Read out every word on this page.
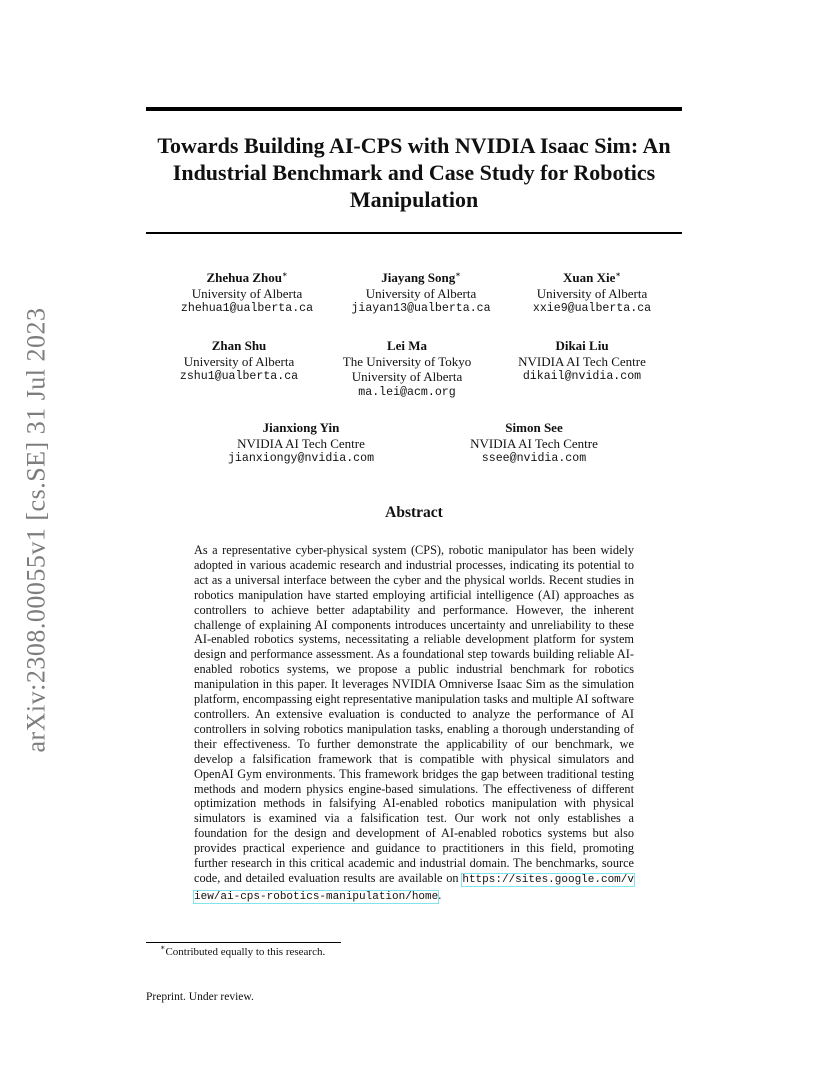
arXiv:2308.00055v1 [cs.SE] 31 Jul 2023
Towards Building AI-CPS with NVIDIA Isaac Sim: An Industrial Benchmark and Case Study for Robotics Manipulation
Zhehua Zhou∗
University of Alberta
zhehua1@ualberta.ca
Jiayang Song∗
University of Alberta
jiayan13@ualberta.ca
Xuan Xie∗
University of Alberta
xxie9@ualberta.ca
Zhan Shu
University of Alberta
zshu1@ualberta.ca
Lei Ma
The University of Tokyo
University of Alberta
ma.lei@acm.org
Dikai Liu
NVIDIA AI Tech Centre
dikail@nvidia.com
Jianxiong Yin
NVIDIA AI Tech Centre
jianxiongy@nvidia.com
Simon See
NVIDIA AI Tech Centre
ssee@nvidia.com
Abstract

As a representative cyber-physical system (CPS), robotic manipulator has been widely adopted in various academic research and industrial processes, indicating its potential to act as a universal interface between the cyber and the physical worlds. Recent studies in robotics manipulation have started employing artificial intelligence (AI) approaches as controllers to achieve better adaptability and performance. However, the inherent challenge of explaining AI components introduces uncertainty and unreliability to these AI-enabled robotics systems, necessitating a reliable development platform for system design and performance assessment. As a foundational step towards building reliable AI-enabled robotics systems, we propose a public industrial benchmark for robotics manipulation in this paper. It leverages NVIDIA Omniverse Isaac Sim as the simulation platform, encompassing eight representative manipulation tasks and multiple AI software controllers. An extensive evaluation is conducted to analyze the performance of AI controllers in solving robotics manipulation tasks, enabling a thorough understanding of their effectiveness. To further demonstrate the applicability of our benchmark, we develop a falsification framework that is compatible with physical simulators and OpenAI Gym environments. This framework bridges the gap between traditional testing methods and modern physics engine-based simulations. The effectiveness of different optimization methods in falsifying AI-enabled robotics manipulation with physical simulators is examined via a falsification test. Our work not only establishes a foundation for the design and development of AI-enabled robotics systems but also provides practical experience and guidance to practitioners in this field, promoting further research in this critical academic and industrial domain. The benchmarks, source code, and detailed evaluation results are available on https://sites.google.com/view/ai-cps-robotics-manipulation/home.

∗Contributed equally to this research.
Preprint. Under review.
